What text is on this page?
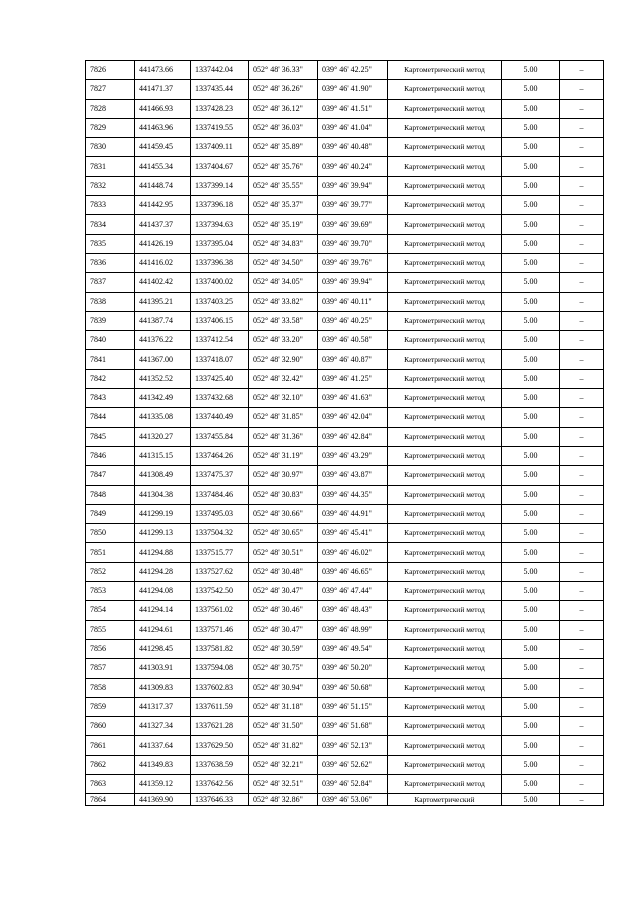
7826	441473.66	1337442.04	052° 48' 36.33"	039° 46' 42.25"	Картометрический метод	5.00	–
7827	441471.37	1337435.44	052° 48' 36.26"	039° 46' 41.90"	Картометрический метод	5.00	–
7828	441466.93	1337428.23	052° 48' 36.12"	039° 46' 41.51"	Картометрический метод	5.00	–
7829	441463.96	1337419.55	052° 48' 36.03"	039° 46' 41.04"	Картометрический метод	5.00	–
7830	441459.45	1337409.11	052° 48' 35.89"	039° 46' 40.48"	Картометрический метод	5.00	–
7831	441455.34	1337404.67	052° 48' 35.76"	039° 46' 40.24"	Картометрический метод	5.00	–
7832	441448.74	1337399.14	052° 48' 35.55"	039° 46' 39.94"	Картометрический метод	5.00	–
7833	441442.95	1337396.18	052° 48' 35.37"	039° 46' 39.77"	Картометрический метод	5.00	–
7834	441437.37	1337394.63	052° 48' 35.19"	039° 46' 39.69"	Картометрический метод	5.00	–
7835	441426.19	1337395.04	052° 48' 34.83"	039° 46' 39.70"	Картометрический метод	5.00	–
7836	441416.02	1337396.38	052° 48' 34.50"	039° 46' 39.76"	Картометрический метод	5.00	–
7837	441402.42	1337400.02	052° 48' 34.05"	039° 46' 39.94"	Картометрический метод	5.00	–
7838	441395.21	1337403.25	052° 48' 33.82"	039° 46' 40.11"	Картометрический метод	5.00	–
7839	441387.74	1337406.15	052° 48' 33.58"	039° 46' 40.25"	Картометрический метод	5.00	–
7840	441376.22	1337412.54	052° 48' 33.20"	039° 46' 40.58"	Картометрический метод	5.00	–
7841	441367.00	1337418.07	052° 48' 32.90"	039° 46' 40.87"	Картометрический метод	5.00	–
7842	441352.52	1337425.40	052° 48' 32.42"	039° 46' 41.25"	Картометрический метод	5.00	–
7843	441342.49	1337432.68	052° 48' 32.10"	039° 46' 41.63"	Картометрический метод	5.00	–
7844	441335.08	1337440.49	052° 48' 31.85"	039° 46' 42.04"	Картометрический метод	5.00	–
7845	441320.27	1337455.84	052° 48' 31.36"	039° 46' 42.84"	Картометрический метод	5.00	–
7846	441315.15	1337464.26	052° 48' 31.19"	039° 46' 43.29"	Картометрический метод	5.00	–
7847	441308.49	1337475.37	052° 48' 30.97"	039° 46' 43.87"	Картометрический метод	5.00	–
7848	441304.38	1337484.46	052° 48' 30.83"	039° 46' 44.35"	Картометрический метод	5.00	–
7849	441299.19	1337495.03	052° 48' 30.66"	039° 46' 44.91"	Картометрический метод	5.00	–
7850	441299.13	1337504.32	052° 48' 30.65"	039° 46' 45.41"	Картометрический метод	5.00	–
7851	441294.88	1337515.77	052° 48' 30.51"	039° 46' 46.02"	Картометрический метод	5.00	–
7852	441294.28	1337527.62	052° 48' 30.48"	039° 46' 46.65"	Картометрический метод	5.00	–
7853	441294.08	1337542.50	052° 48' 30.47"	039° 46' 47.44"	Картометрический метод	5.00	–
7854	441294.14	1337561.02	052° 48' 30.46"	039° 46' 48.43"	Картометрический метод	5.00	–
7855	441294.61	1337571.46	052° 48' 30.47"	039° 46' 48.99"	Картометрический метод	5.00	–
7856	441298.45	1337581.82	052° 48' 30.59"	039° 46' 49.54"	Картометрический метод	5.00	–
7857	441303.91	1337594.08	052° 48' 30.75"	039° 46' 50.20"	Картометрический метод	5.00	–
7858	441309.83	1337602.83	052° 48' 30.94"	039° 46' 50.68"	Картометрический метод	5.00	–
7859	441317.37	1337611.59	052° 48' 31.18"	039° 46' 51.15"	Картометрический метод	5.00	–
7860	441327.34	1337621.28	052° 48' 31.50"	039° 46' 51.68"	Картометрический метод	5.00	–
7861	441337.64	1337629.50	052° 48' 31.82"	039° 46' 52.13"	Картометрический метод	5.00	–
7862	441349.83	1337638.59	052° 48' 32.21"	039° 46' 52.62"	Картометрический метод	5.00	–
7863	441359.12	1337642.56	052° 48' 32.51"	039° 46' 52.84"	Картометрический метод	5.00	–
7864	441369.90	1337646.33	052° 48' 32.86"	039° 46' 53.06"	Картометрический	5.00	–
